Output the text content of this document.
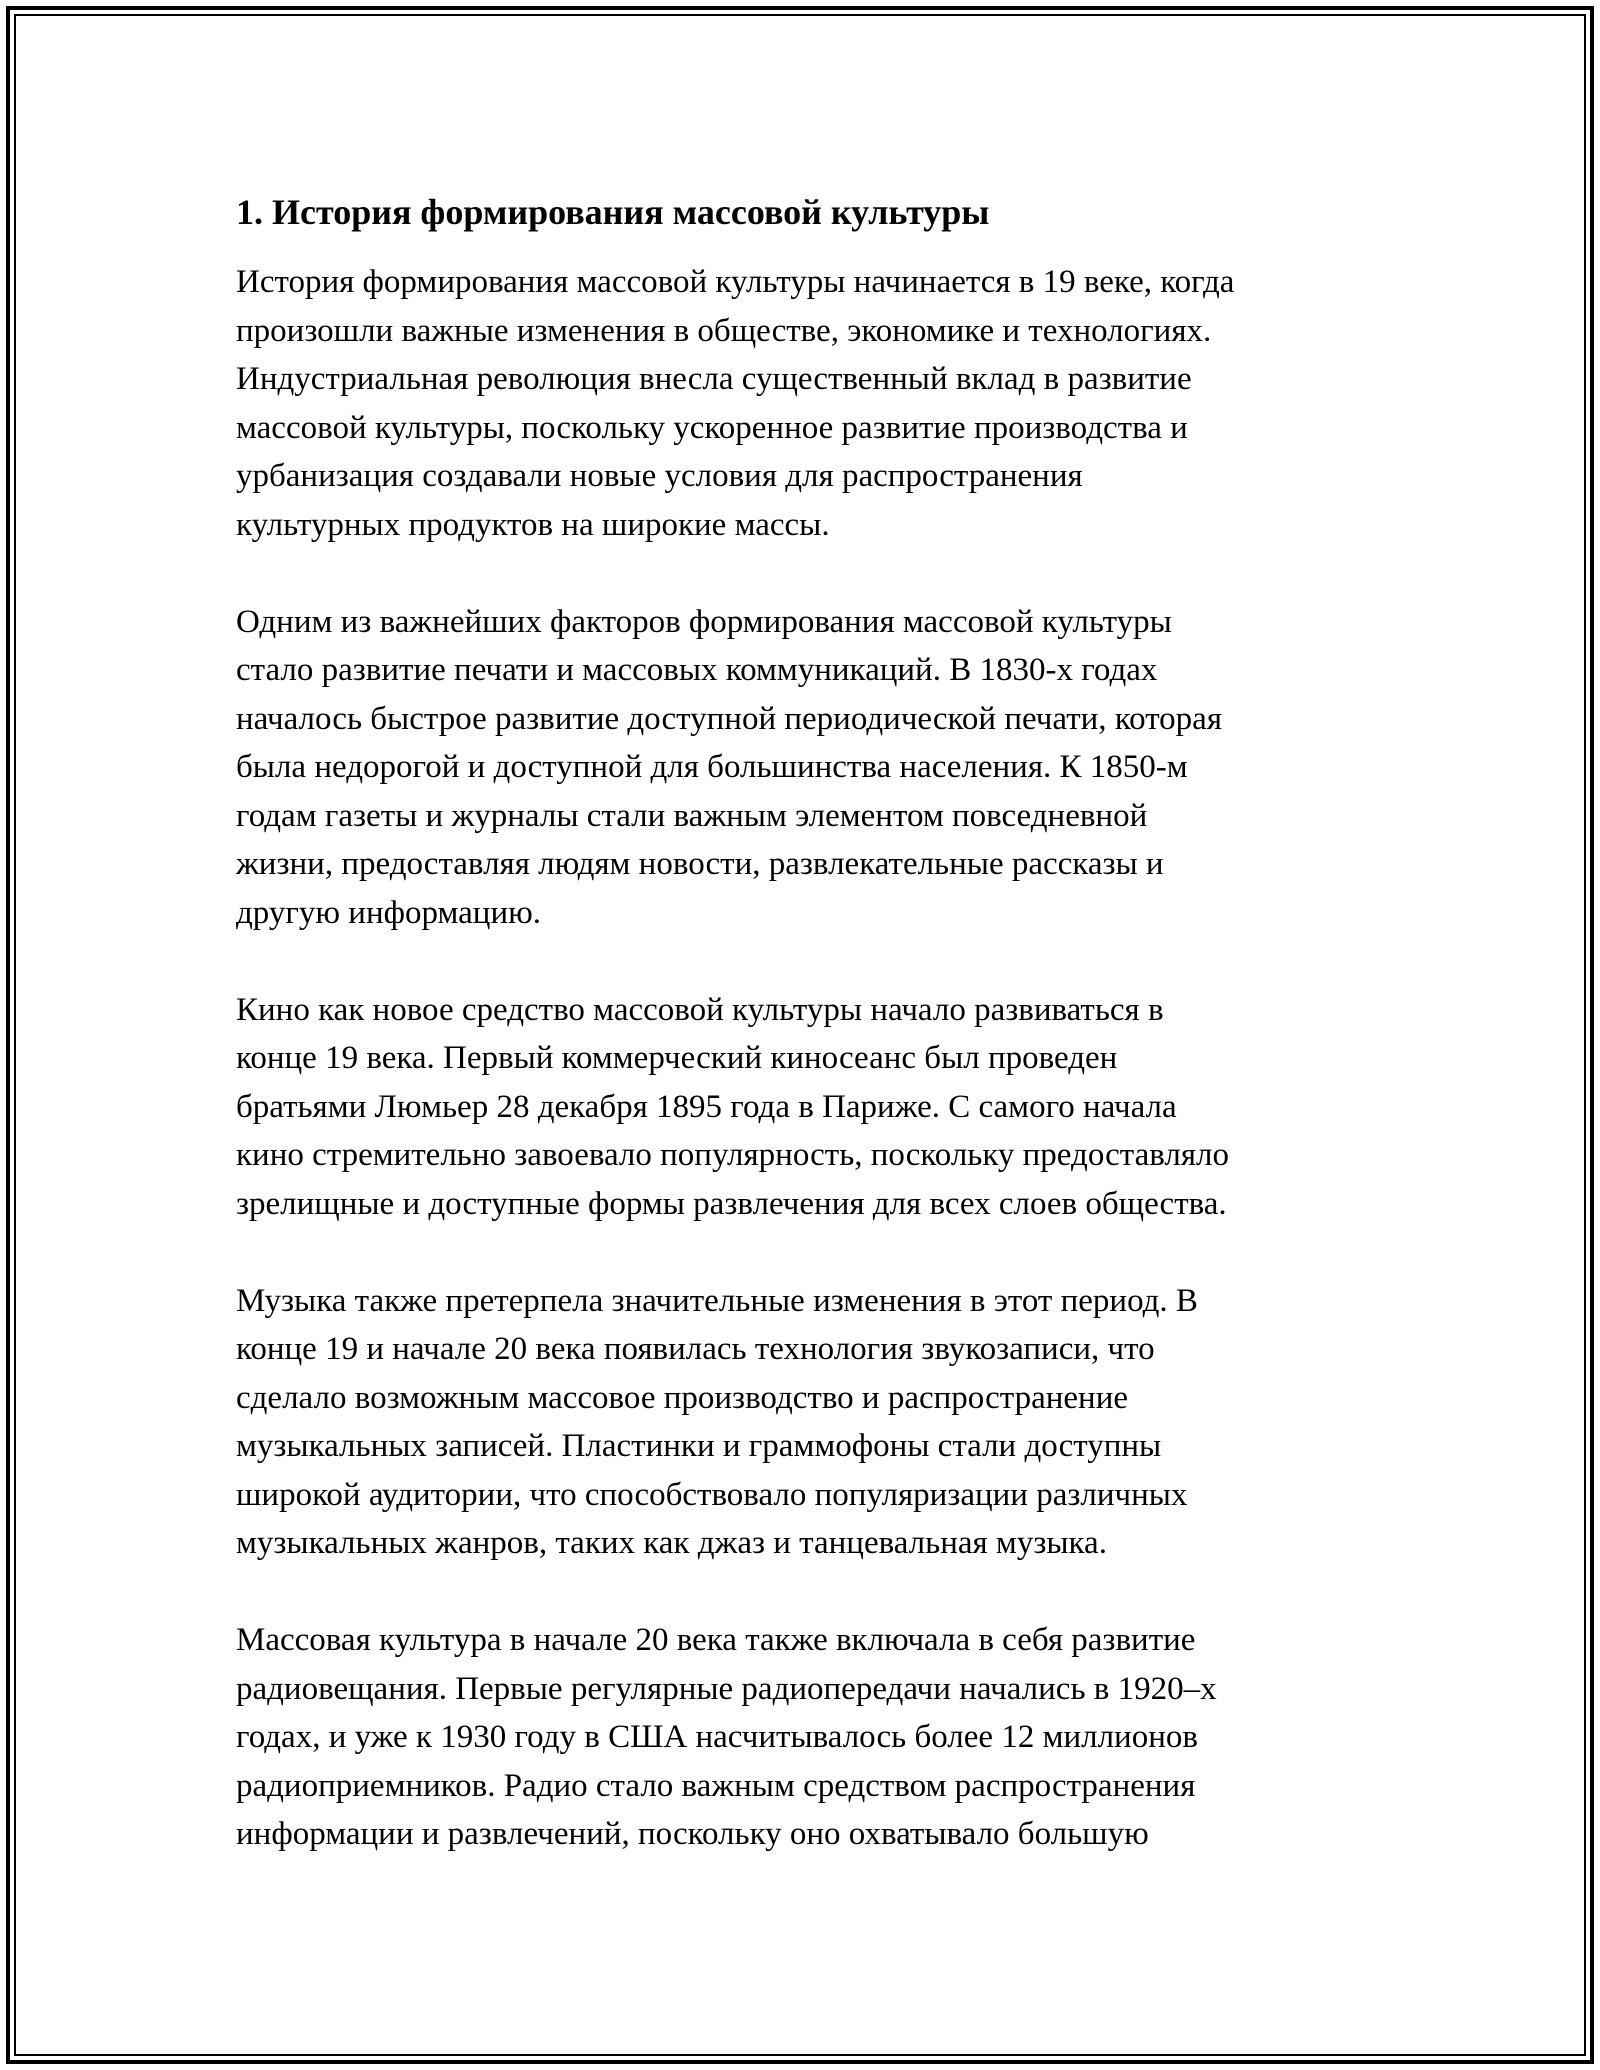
1. История формирования массовой культуры
История формирования массовой культуры начинается в 19 веке, когда
произошли важные изменения в обществе, экономике и технологиях.
Индустриальная революция внесла существенный вклад в развитие
массовой культуры, поскольку ускоренное развитие производства и
урбанизация создавали новые условия для распространения
культурных продуктов на широкие массы.
Одним из важнейших факторов формирования массовой культуры
стало развитие печати и массовых коммуникаций. В 1830-х годах
началось быстрое развитие доступной периодической печати, которая
была недорогой и доступной для большинства населения. К 1850-м
годам газеты и журналы стали важным элементом повседневной
жизни, предоставляя людям новости, развлекательные рассказы и
другую информацию.
Кино как новое средство массовой культуры начало развиваться в
конце 19 века. Первый коммерческий киносеанс был проведен
братьями Люмьер 28 декабря 1895 года в Париже. С самого начала
кино стремительно завоевало популярность, поскольку предоставляло
зрелищные и доступные формы развлечения для всех слоев общества.
Музыка также претерпела значительные изменения в этот период. В
конце 19 и начале 20 века появилась технология звукозаписи, что
сделало возможным массовое производство и распространение
музыкальных записей. Пластинки и граммофоны стали доступны
широкой аудитории, что способствовало популяризации различных
музыкальных жанров, таких как джаз и танцевальная музыка.
Массовая культура в начале 20 века также включала в себя развитие
радиовещания. Первые регулярные радиопередачи начались в 1920–х
годах, и уже к 1930 году в США насчитывалось более 12 миллионов
радиоприемников. Радио стало важным средством распространения
информации и развлечений, поскольку оно охватывало большую
